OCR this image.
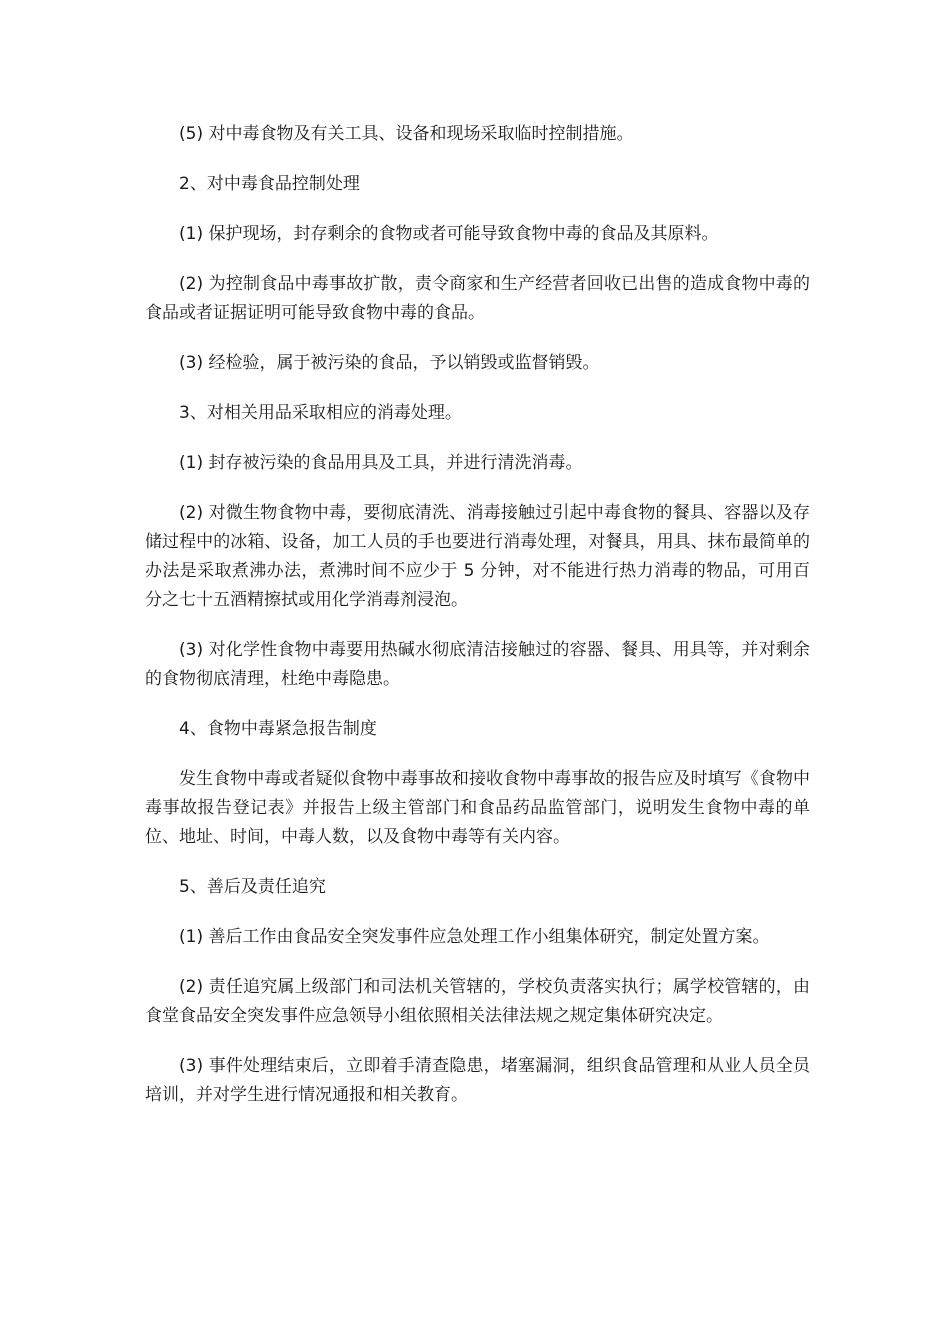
(5) 对中毒食物及有关工具、设备和现场采取临时控制措施。

2、对中毒食品控制处理

(1) 保护现场，封存剩余的食物或者可能导致食物中毒的食品及其原料。

(2) 为控制食品中毒事故扩散，责令商家和生产经营者回收已出售的造成食物中毒的食品或者证据证明可能导致食物中毒的食品。

(3) 经检验，属于被污染的食品，予以销毁或监督销毁。

3、对相关用品采取相应的消毒处理。

(1) 封存被污染的食品用具及工具，并进行清洗消毒。

(2) 对微生物食物中毒，要彻底清洗、消毒接触过引起中毒食物的餐具、容器以及存储过程中的冰箱、设备，加工人员的手也要进行消毒处理，对餐具，用具、抹布最简单的办法是采取煮沸办法，煮沸时间不应少于 5 分钟，对不能进行热力消毒的物品，可用百分之七十五酒精擦拭或用化学消毒剂浸泡。

(3) 对化学性食物中毒要用热碱水彻底清洁接触过的容器、餐具、用具等，并对剩余的食物彻底清理，杜绝中毒隐患。

4、食物中毒紧急报告制度

发生食物中毒或者疑似食物中毒事故和接收食物中毒事故的报告应及时填写《食物中毒事故报告登记表》并报告上级主管部门和食品药品监管部门，说明发生食物中毒的单位、地址、时间，中毒人数，以及食物中毒等有关内容。

5、善后及责任追究

(1) 善后工作由食品安全突发事件应急处理工作小组集体研究，制定处置方案。

(2) 责任追究属上级部门和司法机关管辖的，学校负责落实执行；属学校管辖的，由食堂食品安全突发事件应急领导小组依照相关法律法规之规定集体研究决定。

(3) 事件处理结束后，立即着手清查隐患，堵塞漏洞，组织食品管理和从业人员全员培训，并对学生进行情况通报和相关教育。
